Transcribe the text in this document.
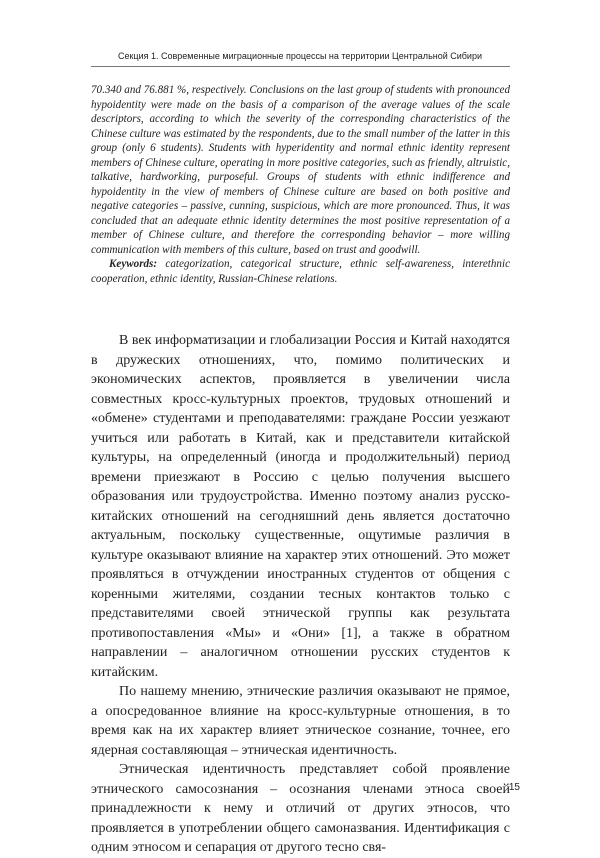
Секция 1. Современные миграционные процессы на территории Центральной Сибири

70.340 and 76.881 %, respectively. Conclusions on the last group of students with pronounced hypoidentity were made on the basis of a comparison of the average values of the scale descriptors, according to which the severity of the corresponding characteristics of the Chinese culture was estimated by the respondents, due to the small number of the latter in this group (only 6 students). Students with hyperidentity and normal ethnic identity represent members of Chinese culture, operating in more positive categories, such as friendly, altruistic, talkative, hardworking, purposeful. Groups of students with ethnic indifference and hypoidentity in the view of members of Chinese culture are based on both positive and negative categories – passive, cunning, suspicious, which are more pronounced. Thus, it was concluded that an adequate ethnic identity determines the most positive representation of a member of Chinese culture, and therefore the corresponding behavior – more willing communication with members of this culture, based on trust and goodwill.

Keywords: categorization, categorical structure, ethnic self-awareness, interethnic cooperation, ethnic identity, Russian-Chinese relations.

В век информатизации и глобализации Россия и Китай находятся в дружеских отношениях, что, помимо политических и экономических аспектов, проявляется в увеличении числа совместных кросс-культурных проектов, трудовых отношений и «обмене» студентами и преподавателями: граждане России уезжают учиться или работать в Китай, как и представители китайской культуры, на определенный (иногда и продолжительный) период времени приезжают в Россию с целью получения высшего образования или трудоустройства. Именно поэтому анализ русско-китайских отношений на сегодняшний день является достаточно актуальным, поскольку существенные, ощутимые различия в культуре оказывают влияние на характер этих отношений. Это может проявляться в отчуждении иностранных студентов от общения с коренными жителями, создании тесных контактов только с представителями своей этнической группы как результата противопоставления «Мы» и «Они» [1], а также в обратном направлении – аналогичном отношении русских студентов к китайским.

По нашему мнению, этнические различия оказывают не прямое, а опосредованное влияние на кросс-культурные отношения, в то время как на их характер влияет этническое сознание, точнее, его ядерная составляющая – этническая идентичность.

Этническая идентичность представляет собой проявление этнического самосознания – осознания членами этноса своей принадлежности к нему и отличий от других этносов, что проявляется в употреблении общего самоназвания. Идентификация с одним этносом и сепарация от другого тесно свя-

15
